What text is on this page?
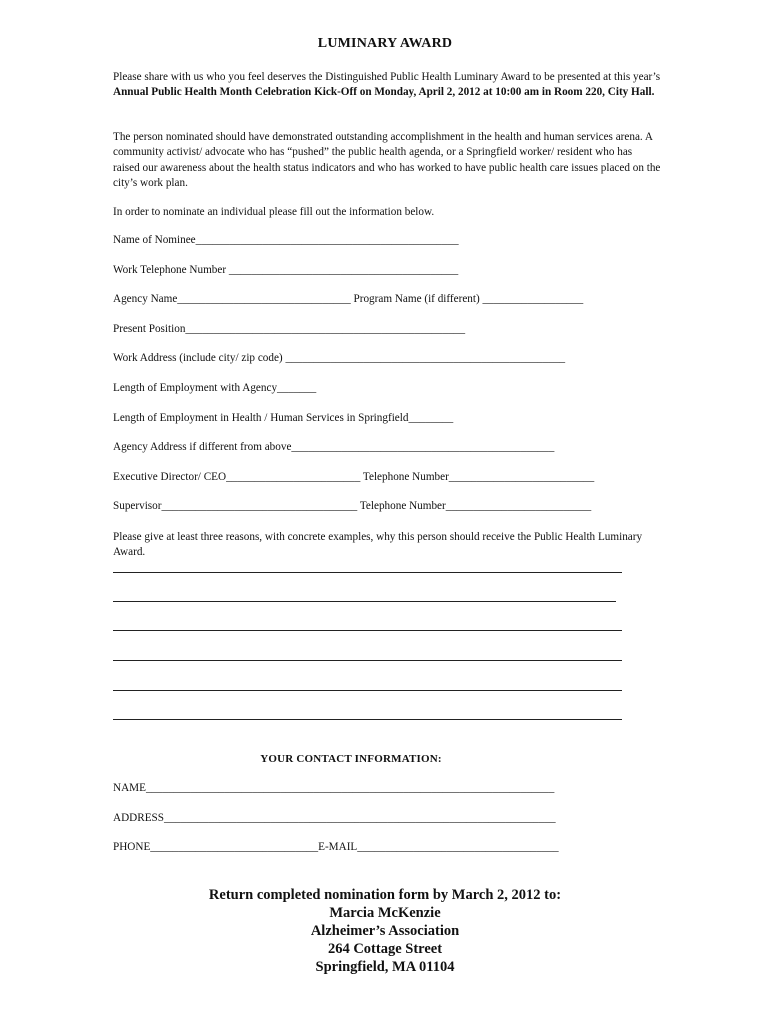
LUMINARY AWARD
Please share with us who you feel deserves the Distinguished Public Health Luminary Award to be presented at this year’s Annual Public Health Month Celebration Kick-Off on Monday, April 2, 2012 at 10:00 am in Room 220, City Hall.
The person nominated should have demonstrated outstanding accomplishment in the health and human services arena. A community activist/ advocate who has “pushed” the public health agenda, or a Springfield worker/ resident who has raised our awareness about the health status indicators and who has worked to have public health care issues placed on the city’s work plan.
In order to nominate an individual please fill out the information below.
Name of Nominee_______________________________________________
Work Telephone Number _________________________________________
Agency Name_______________________________ Program Name (if different) __________________
Present Position__________________________________________________
Work Address (include city/ zip code) __________________________________________________
Length of Employment with Agency_______
Length of Employment in Health / Human Services in Springfield________
Agency Address if different from above_______________________________________________
Executive Director/ CEO________________________ Telephone Number__________________________
Supervisor___________________________________ Telephone Number__________________________
Please give at least three reasons, with concrete examples, why this person should receive the Public Health Luminary Award.
YOUR CONTACT INFORMATION:
NAME_________________________________________________________________________
ADDRESS______________________________________________________________________
PHONE______________________________E-MAIL____________________________________
Return completed nomination form by March 2, 2012 to:
Marcia McKenzie
Alzheimer’s Association
264 Cottage Street
Springfield, MA 01104
